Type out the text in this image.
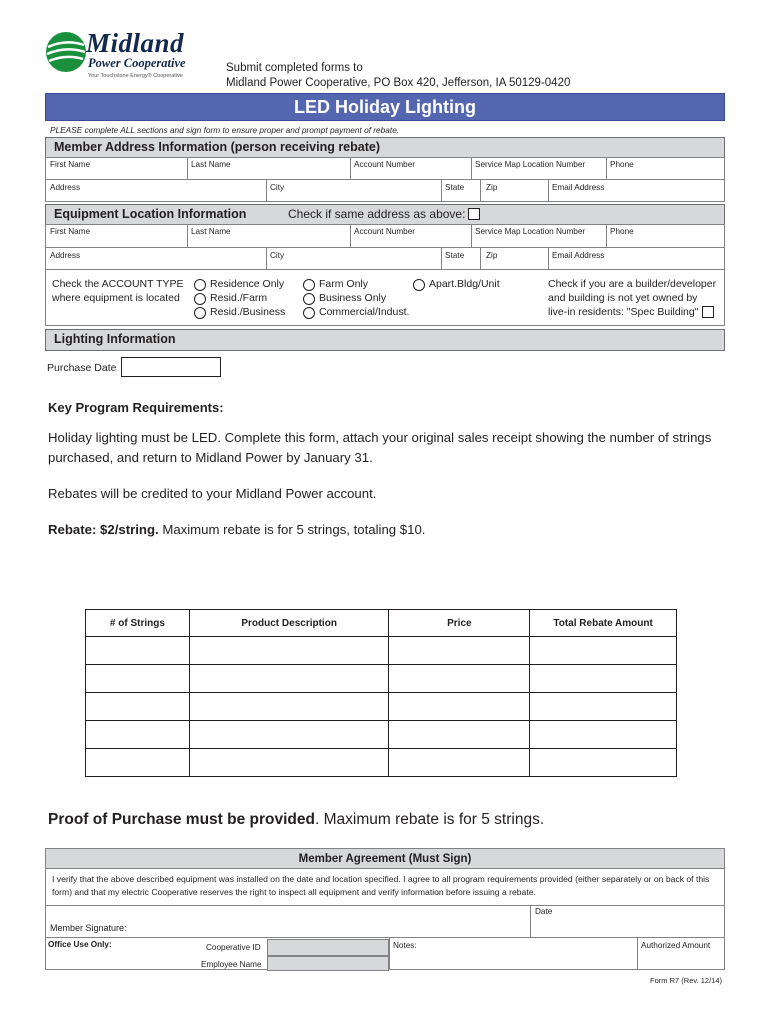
Midland
Power Cooperative
Your Touchstone Energy® Cooperative
Submit completed forms to
Midland Power Cooperative, PO Box 420, Jefferson, IA 50129-0420
LED Holiday Lighting
PLEASE complete ALL sections and sign form to ensure proper and prompt payment of rebate.
Member Address Information (person receiving rebate)
First Name	Last Name	Account Number	Service Map Location Number	Phone
Address	City	State	Zip	Email Address
Equipment Location Information	Check if same address as above:
First Name	Last Name	Account Number	Service Map Location Number	Phone
Address	City	State	Zip	Email Address
Check the ACCOUNT TYPE
where equipment is located
Residence Only
Resid./Farm
Resid./Business
Farm Only
Business Only
Commercial/Indust.
Apart.Bldg/Unit	Check if you are a builder/developer
and building is not yet owned by
live-in residents: "Spec Building"
Lighting Information
Purchase Date
Key Program Requirements:
Holiday lighting must be LED. Complete this form, attach your original sales receipt showing the number of strings purchased, and return to Midland Power by January 31.
Rebates will be credited to your Midland Power account.
Rebate: $2/string. Maximum rebate is for 5 strings, totaling $10.
# of Strings	Product Description	Price	Total Rebate Amount

Proof of Purchase must be provided. Maximum rebate is for 5 strings.
Member Agreement (Must Sign)
I verify that the above described equipment was installed on the date and location specified. I agree to all program requirements provided (either separately or on back of this form) and that my electric Cooperative reserves the right to inspect all equipment and verify information before issuing a rebate.
Date
Member Signature:
Office Use Only:	Cooperative ID
Employee Name
Notes:	Authorized Amount
Form R7 (Rev. 12/14)
